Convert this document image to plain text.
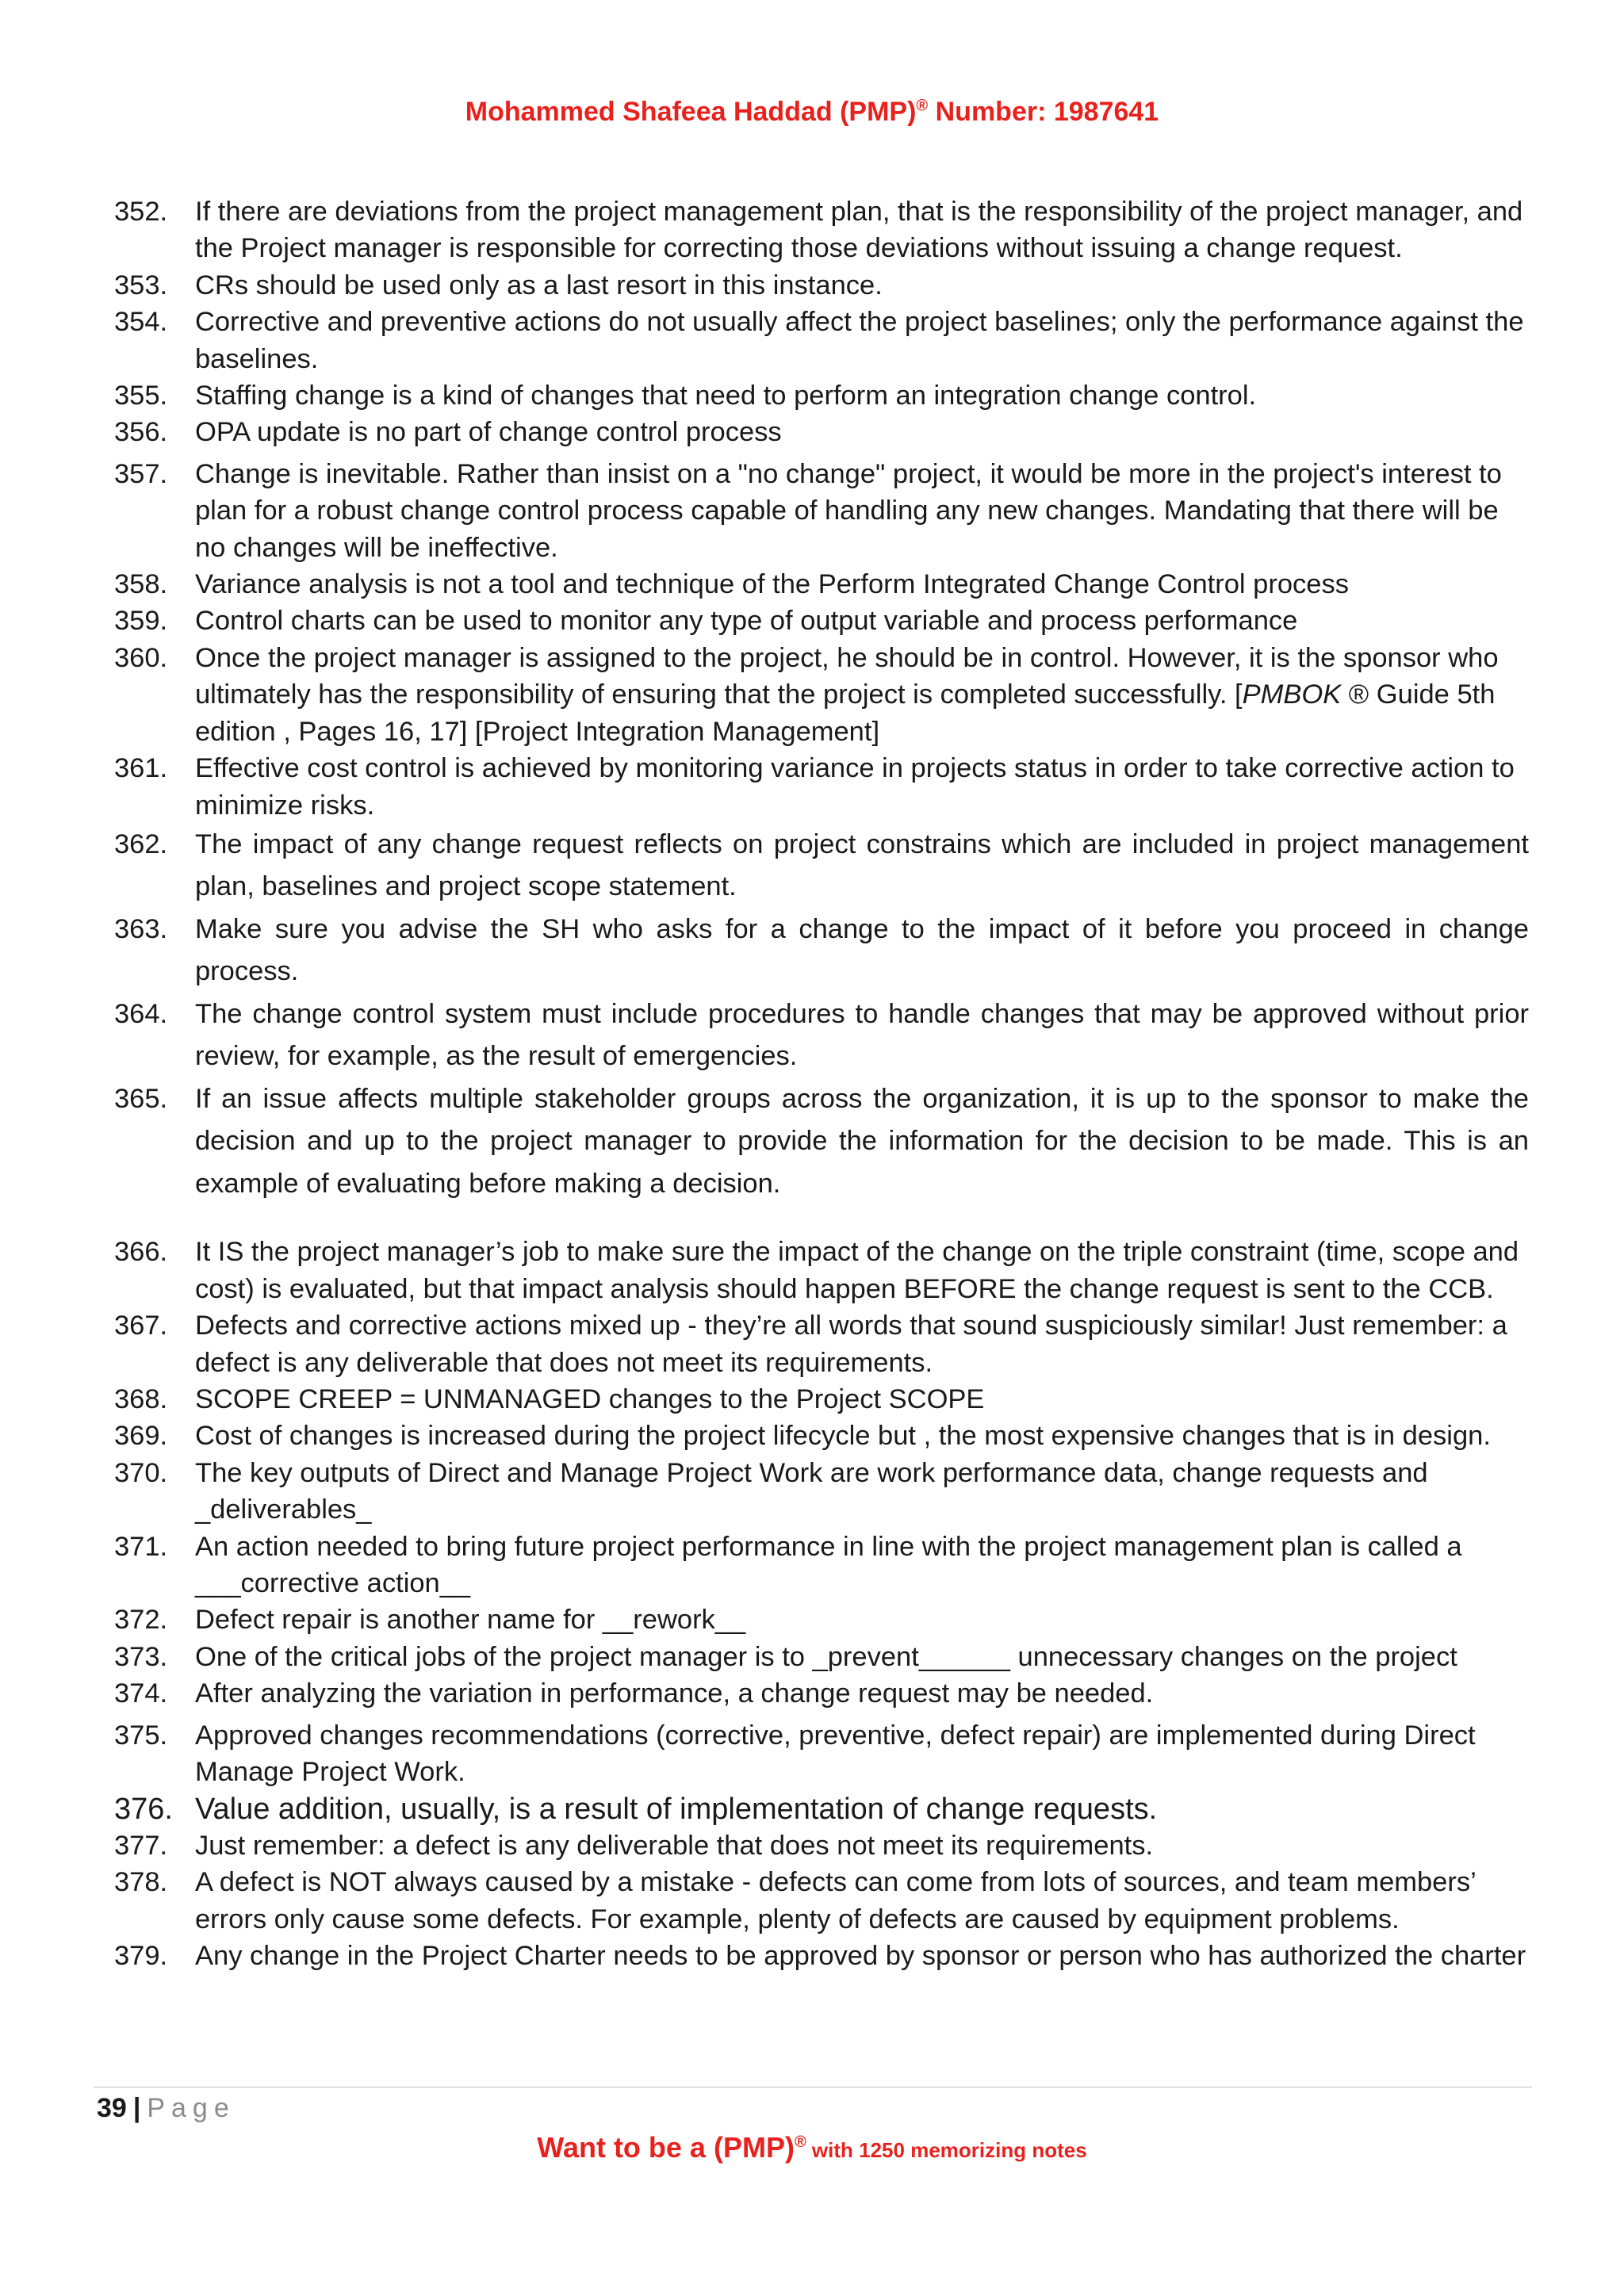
Mohammed Shafeea Haddad (PMP)® Number: 1987641
352. If there are deviations from the project management plan, that is the responsibility of the project manager, and the Project manager is responsible for correcting those deviations without issuing a change request.
353. CRs should be used only as a last resort in this instance.
354. Corrective and preventive actions do not usually affect the project baselines; only the performance against the baselines.
355. Staffing change is a kind of changes that need to perform an integration change control.
356. OPA update is no part of change control process
357. Change is inevitable. Rather than insist on a "no change" project, it would be more in the project's interest to plan for a robust change control process capable of handling any new changes. Mandating that there will be no changes will be ineffective.
358. Variance analysis is not a tool and technique of the Perform Integrated Change Control process
359. Control charts can be used to monitor any type of output variable and process performance
360. Once the project manager is assigned to the project, he should be in control. However, it is the sponsor who ultimately has the responsibility of ensuring that the project is completed successfully. [PMBOK ® Guide 5th edition , Pages 16, 17] [Project Integration Management]
361. Effective cost control is achieved by monitoring variance in projects status in order to take corrective action to minimize risks.
362. The impact of any change request reflects on project constrains which are included in project management plan, baselines and project scope statement.
363. Make sure you advise the SH who asks for a change to the impact of it before you proceed in change process.
364. The change control system must include procedures to handle changes that may be approved without prior review, for example, as the result of emergencies.
365. If an issue affects multiple stakeholder groups across the organization, it is up to the sponsor to make the decision and up to the project manager to provide the information for the decision to be made. This is an example of evaluating before making a decision.
366. It IS the project manager’s job to make sure the impact of the change on the triple constraint (time, scope and cost) is evaluated, but that impact analysis should happen BEFORE the change request is sent to the CCB.
367. Defects and corrective actions mixed up - they’re all words that sound suspiciously similar! Just remember: a defect is any deliverable that does not meet its requirements.
368. SCOPE CREEP = UNMANAGED changes to the Project SCOPE
369. Cost of changes is increased during the project lifecycle but , the most expensive changes that is in design.
370. The key outputs of Direct and Manage Project Work are work performance data, change requests and _deliverables_
371. An action needed to bring future project performance in line with the project management plan is called a ___corrective action__
372. Defect repair is another name for __rework__
373. One of the critical jobs of the project manager is to _prevent______ unnecessary changes on the project
374. After analyzing the variation in performance, a change request may be needed.
375. Approved changes recommendations (corrective, preventive, defect repair) are implemented during Direct Manage Project Work.
376. Value addition, usually, is a result of implementation of change requests.
377. Just remember: a defect is any deliverable that does not meet its requirements.
378. A defect is NOT always caused by a mistake - defects can come from lots of sources, and team members’ errors only cause some defects. For example, plenty of defects are caused by equipment problems.
379. Any change in the Project Charter needs to be approved by sponsor or person who has authorized the charter
39 | Page
Want to be a (PMP)® with 1250 memorizing notes
